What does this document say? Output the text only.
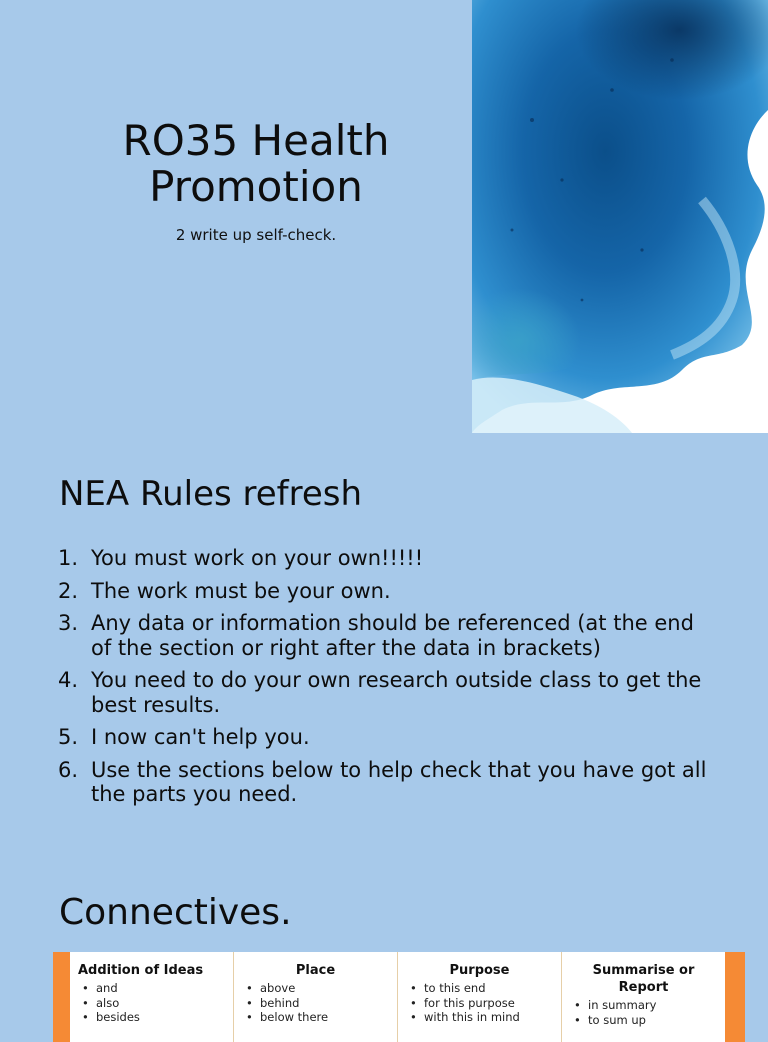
RO35 Health Promotion
2 write up self-check.
NEA Rules refresh
1. You must work on your own!!!!!
2. The work must be your own.
3. Any data or information should be referenced (at the end of the section or right after the data in brackets)
4. You need to do your own research outside class to get the best results.
5. I now can't help you.
6. Use the sections below to help check that you have got all the parts you need.
Connectives.
Addition of Ideas
• and
• also
• besides
Place
• above
• behind
• below there
Purpose
• to this end
• for this purpose
• with this in mind
Summarise or Report
• in summary
• to sum up
